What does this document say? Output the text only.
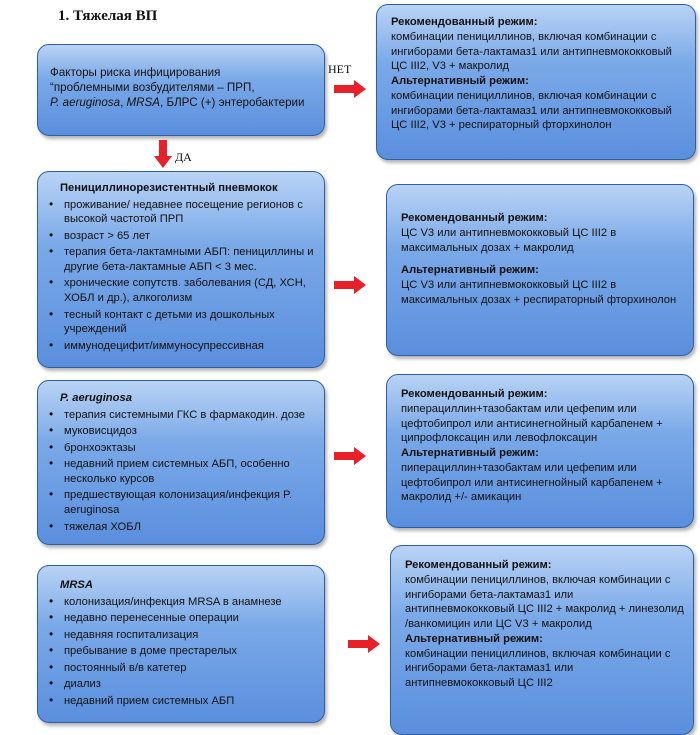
1. Тяжелая ВП
Факторы риска инфицирования
“проблемными возбудителями – ПРП,
P. aeruginosa, MRSA, БЛРС (+) энтеробактерии
Пенициллинорезистентный пневмокок
• проживание/ недавнее посещение регионов с высокой частотой ПРП
• возраст > 65 лет
• терапия бета-лактамными АБП: пенициллины и другие бета-лактамные АБП < 3 мес.
• хронические сопутств. заболевания (СД, ХСН, ХОБЛ и др.), алкоголизм
• тесный контакт с детьми из дошкольных учреждений
• иммунодецифит/иммуносупрессивная
P. aeruginosa
• терапия системными ГКС в фармакодин. дозе
• муковисцидоз
• бронхоэктазы
• недавний прием системных АБП, особенно несколько курсов
• предшествующая колонизация/инфекция P. aeruginosa
• тяжелая ХОБЛ
MRSA
• колонизация/инфекция MRSA в анамнезе
• недавно перенесенные операции
• недавняя госпитализация
• пребывание в доме престарелых
• постоянный в/в катетер
• диализ
• недавний прием системных АБП
Рекомендованный режим:
комбинации пенициллинов, включая комбинации с ингиборами бета-лактамаз1 или антипневмококковый ЦС III2, V3 + макролид
Альтернативный режим:
комбинации пенициллинов, включая комбинации с ингиборами бета-лактамаз1 или антипневмококковый ЦС III2, V3 + респираторный фторхинолон
Рекомендованный режим:
ЦС V3 или антипневмококковый ЦС III2 в максимальных дозах + макролид
Альтернативный режим:
ЦС V3 или антипневмококковый ЦС III2 в максимальных дозах + респираторный фторхинолон
Рекомендованный режим:
пиперациллин+тазобактам или цефепим или цефтобипрол или антисинегнойный карбапенем + ципрофлоксацин или левофлоксацин
Альтернативный режим:
пиперациллин+тазобактам или цефепим или цефтобипрол или антисинегнойный карбапенем + макролид +/- амикацин
Рекомендованный режим:
комбинации пенициллинов, включая комбинации с ингиборами бета-лактамаз1 или антипневмококковый ЦС III2 + макролид + линезолид /ванкомицин или ЦС V3 + макролид
Альтернативный режим:
комбинации пенициллинов, включая комбинации с ингиборами бета-лактамаз1 или антипневмококковый ЦС III2
НЕТ
ДА
